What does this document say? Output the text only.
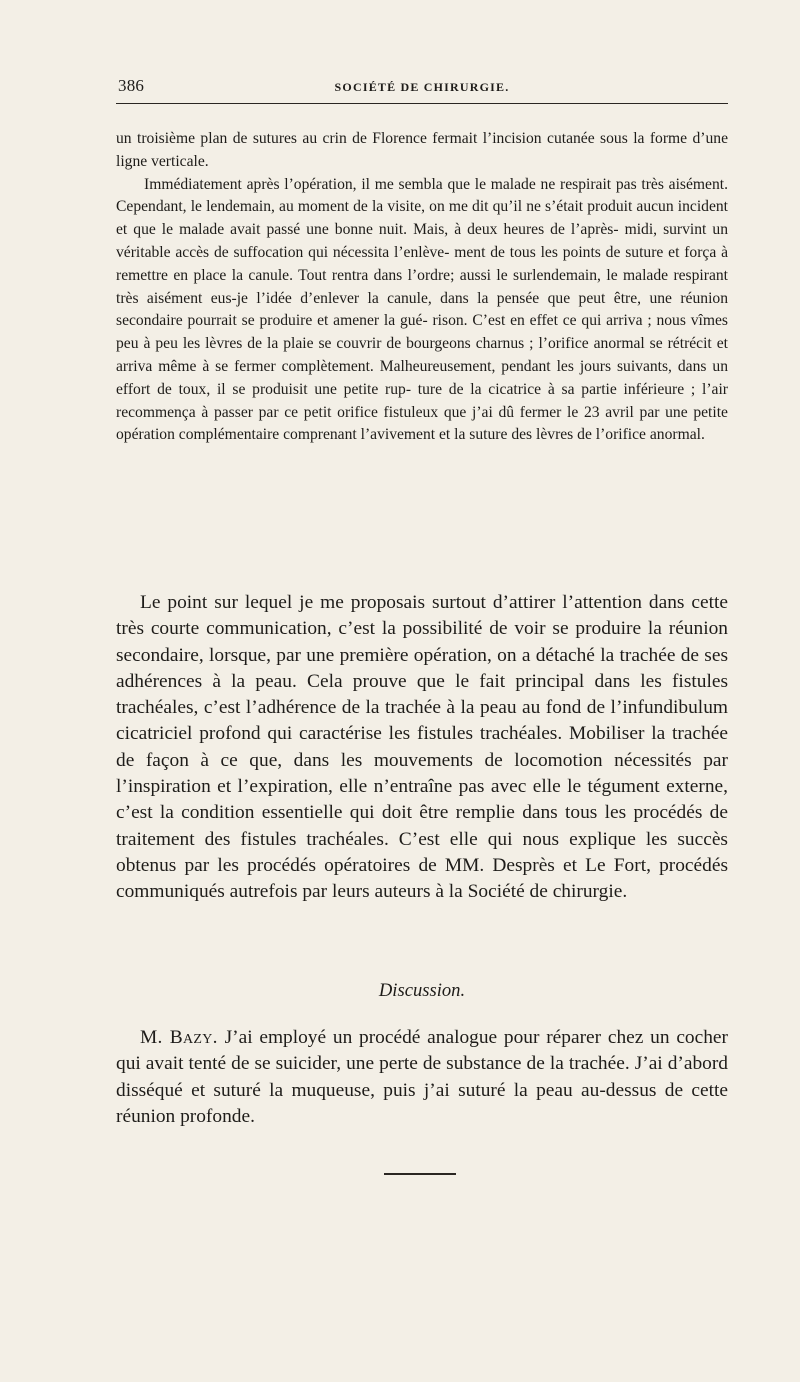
386	SOCIÉTÉ DE CHIRURGIE.

un troisième plan de sutures au crin de Florence fermait l’incision cutanée sous la forme d’une ligne verticale.

Immédiatement après l’opération, il me sembla que le malade ne respirait pas très aisément. Cependant, le lendemain, au moment de la visite, on me dit qu’il ne s’était produit aucun incident et que le malade avait passé une bonne nuit. Mais, à deux heures de l’après- midi, survint un véritable accès de suffocation qui nécessita l’enlève- ment de tous les points de suture et força à remettre en place la canule. Tout rentra dans l’ordre; aussi le surlendemain, le malade respirant très aisément eus-je l’idée d’enlever la canule, dans la pensée que peut être, une réunion secondaire pourrait se produire et amener la gué- rison. C’est en effet ce qui arriva ; nous vîmes peu à peu les lèvres de la plaie se couvrir de bourgeons charnus ; l’orifice anormal se rétrécit et arriva même à se fermer complètement. Malheureusement, pendant les jours suivants, dans un effort de toux, il se produisit une petite rup- ture de la cicatrice à sa partie inférieure ; l’air recommença à passer par ce petit orifice fistuleux que j’ai dû fermer le 23 avril par une petite opération complémentaire comprenant l’avivement et la suture des lèvres de l’orifice anormal.

Le point sur lequel je me proposais surtout d’attirer l’attention dans cette très courte communication, c’est la possibilité de voir se produire la réunion secondaire, lorsque, par une première opération, on a détaché la trachée de ses adhérences à la peau. Cela prouve que le fait principal dans les fistules trachéales, c’est l’adhérence de la trachée à la peau au fond de l’infundibulum cicatriciel profond qui caractérise les fistules trachéales. Mobiliser la trachée de façon à ce que, dans les mouvements de locomotion nécessités par l’inspiration et l’expiration, elle n’entraîne pas avec elle le tégument externe, c’est la condition essentielle qui doit être remplie dans tous les procédés de traitement des fistules trachéales. C’est elle qui nous explique les succès obtenus par les procédés opératoires de MM. Desprès et Le Fort, procédés communiqués autrefois par leurs auteurs à la Société de chirurgie.

Discussion.

M. Bazy. J’ai employé un procédé analogue pour réparer chez un cocher qui avait tenté de se suicider, une perte de substance de la trachée. J’ai d’abord disséqué et suturé la muqueuse, puis j’ai suturé la peau au-dessus de cette réunion profonde.
